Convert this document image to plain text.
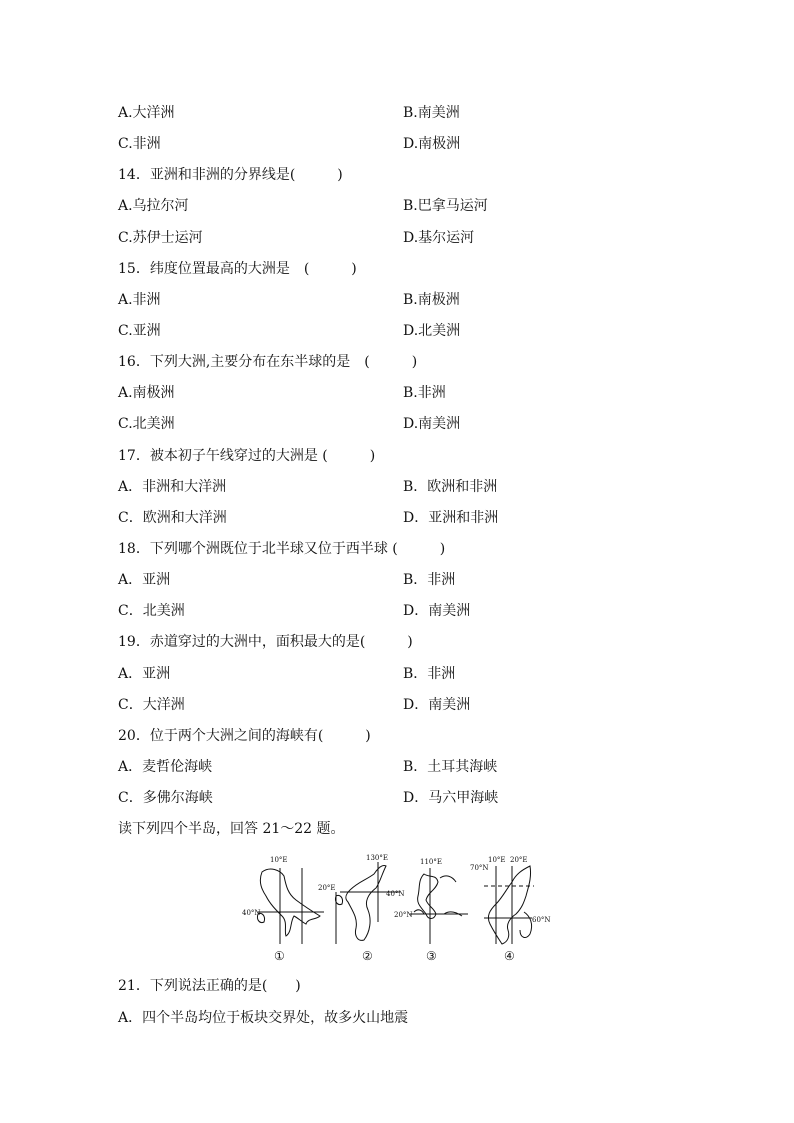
A.大洋洲	B.南美洲
C.非洲	D.南极洲
14．亚洲和非洲的分界线是(　　　)
A.乌拉尔河	B.巴拿马运河
C.苏伊士运河	D.基尔运河
15．纬度位置最高的大洲是　(　　　)
A.非洲	B.南极洲
C.亚洲	D.北美洲
16．下列大洲,主要分布在东半球的是　(　　　)
A.南极洲	B.非洲
C.北美洲	D.南美洲
17．被本初子午线穿过的大洲是 (　　　)
A．非洲和大洋洲	B．欧洲和非洲
C．欧洲和大洋洲	D．亚洲和非洲
18．下列哪个洲既位于北半球又位于西半球 (　　　)
A．亚洲	B．非洲
C．北美洲	D．南美洲
19．赤道穿过的大洲中，面积最大的是(　　　)
A．亚洲	B．非洲
C．大洋洲	D．南美洲
20．位于两个大洲之间的海峡有(　　　)
A．麦哲伦海峡	B．土耳其海峡
C．多佛尔海峡	D．马六甲海峡
读下列四个半岛，回答 21～22 题。
10°E
40°N
①
130°E
20°E
40°N
②
110°E
20°N
③
10°E 20°E
70°N
60°N
④
21．下列说法正确的是(　　)
A．四个半岛均位于板块交界处，故多火山地震
